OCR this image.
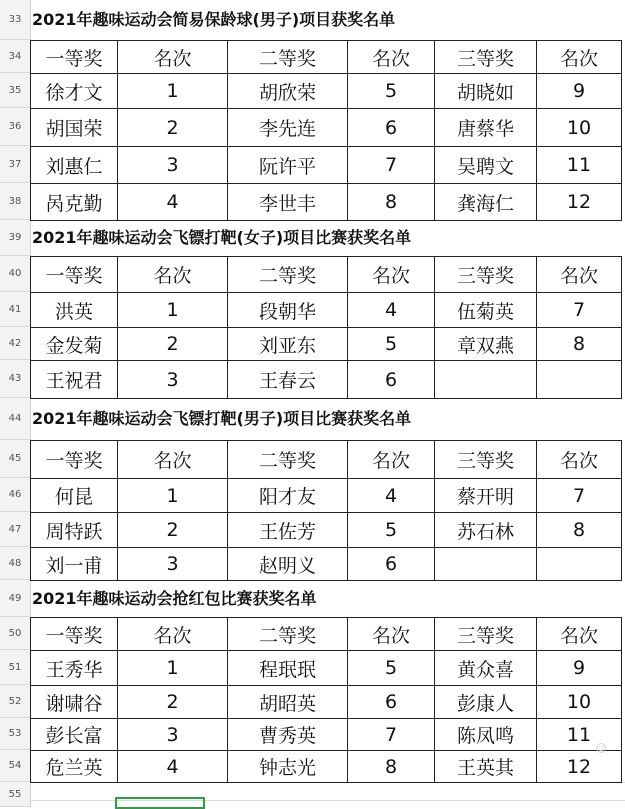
33
34
35
36
37
38
39
40
41
42
43
44
45
46
47
48
49
50
51
52
53
54
55
2021年趣味运动会简易保龄球(男子)项目获奖名单
一等奖	名次	二等奖	名次	三等奖	名次
徐才文	1	胡欣荣	5	胡晓如	9
胡国荣	2	李先连	6	唐蔡华	10
刘惠仁	3	阮许平	7	吴聘文	11
呙克勤	4	李世丰	8	龚海仁	12
2021年趣味运动会飞镖打靶(女子)项目比赛获奖名单
一等奖	名次	二等奖	名次	三等奖	名次
洪英	1	段朝华	4	伍菊英	7
金发菊	2	刘亚东	5	章双燕	8
王祝君	3	王春云	6		
2021年趣味运动会飞镖打靶(男子)项目比赛获奖名单
一等奖	名次	二等奖	名次	三等奖	名次
何昆	1	阳才友	4	蔡开明	7
周特跃	2	王佐芳	5	苏石林	8
刘一甫	3	赵明义	6		
2021年趣味运动会抢红包比赛获奖名单
一等奖	名次	二等奖	名次	三等奖	名次
王秀华	1	程珉珉	5	黄众喜	9
谢啸谷	2	胡昭英	6	彭康人	10
彭长富	3	曹秀英	7	陈凤鸣	11
危兰英	4	钟志光	8	王英其	12
☺
